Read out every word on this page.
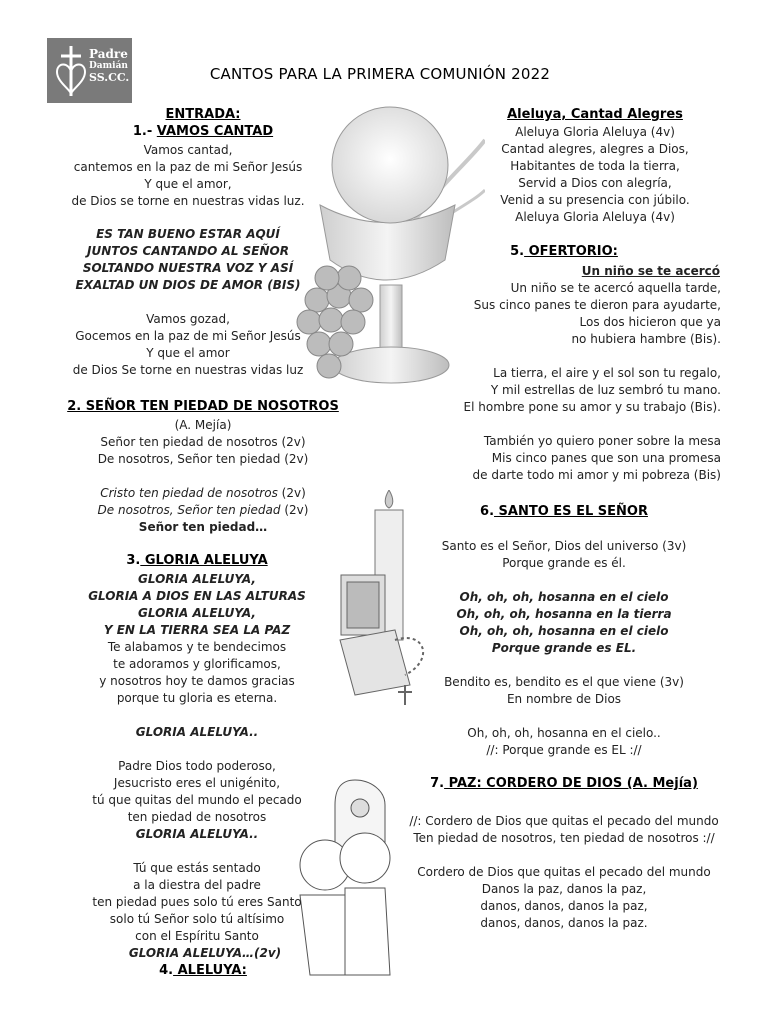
Padre
Damián
SS.CC.	CANTOS PARA LA PRIMERA COMUNIÓN 2022
ENTRADA:
1.- VAMOS CANTAD
Vamos cantad,
cantemos en la paz de mi Señor Jesús
Y que el amor,
de Dios se torne en nuestras vidas luz.
ES TAN BUENO ESTAR AQUÍ
JUNTOS CANTANDO AL SEÑOR
SOLTANDO NUESTRA VOZ Y ASÍ
EXALTAD UN DIOS DE AMOR (BIS)
Vamos gozad,
Gocemos en la paz de mi Señor Jesús
Y que el amor
de Dios Se torne en nuestras vidas luz
2. SEÑOR TEN PIEDAD DE NOSOTROS
(A. Mejía)
Señor ten piedad de nosotros (2v)
De nosotros, Señor ten piedad (2v)
Cristo ten piedad de nosotros (2v)
De nosotros, Señor ten piedad (2v)
Señor ten piedad…
3. GLORIA ALELUYA
GLORIA ALELUYA,
GLORIA A DIOS EN LAS ALTURAS
GLORIA ALELUYA,
Y EN LA TIERRA SEA LA PAZ
Te alabamos y te bendecimos
te adoramos y glorificamos,
y nosotros hoy te damos gracias
porque tu gloria es eterna.
GLORIA ALELUYA..
Padre Dios todo poderoso,
Jesucristo eres el unigénito,
tú que quitas del mundo el pecado
ten piedad de nosotros
GLORIA ALELUYA..
Tú que estás sentado
a la diestra del padre
ten piedad pues solo tú eres Santo
solo tú Señor solo tú altísimo
con el Espíritu Santo
GLORIA ALELUYA…(2v)
4. ALELUYA:
Aleluya, Cantad Alegres
Aleluya Gloria Aleluya (4v)
Cantad alegres, alegres a Dios,
Habitantes de toda la tierra,
Servid a Dios con alegría,
Venid a su presencia con júbilo.
Aleluya Gloria Aleluya (4v)
5. OFERTORIO:
Un niño se te acercó
Un niño se te acercó aquella tarde,
Sus cinco panes te dieron para ayudarte,
Los dos hicieron que ya
no hubiera hambre (Bis).
La tierra, el aire y el sol son tu regalo,
Y mil estrellas de luz sembró tu mano.
El hombre pone su amor y su trabajo (Bis).
También yo quiero poner sobre la mesa
Mis cinco panes que son una promesa
de darte todo mi amor y mi pobreza (Bis)
6. SANTO ES EL SEÑOR
Santo es el Señor, Dios del universo (3v)
Porque grande es él.
Oh, oh, oh, hosanna en el cielo
Oh, oh, oh, hosanna en la tierra
Oh, oh, oh, hosanna en el cielo
Porque grande es EL.
Bendito es, bendito es el que viene (3v)
En nombre de Dios
Oh, oh, oh, hosanna en el cielo..
//: Porque grande es EL ://
7. PAZ: CORDERO DE DIOS (A. Mejía)
//: Cordero de Dios que quitas el pecado del mundo
Ten piedad de nosotros, ten piedad de nosotros ://
Cordero de Dios que quitas el pecado del mundo
Danos la paz, danos la paz,
danos, danos, danos la paz,
danos, danos, danos la paz.
